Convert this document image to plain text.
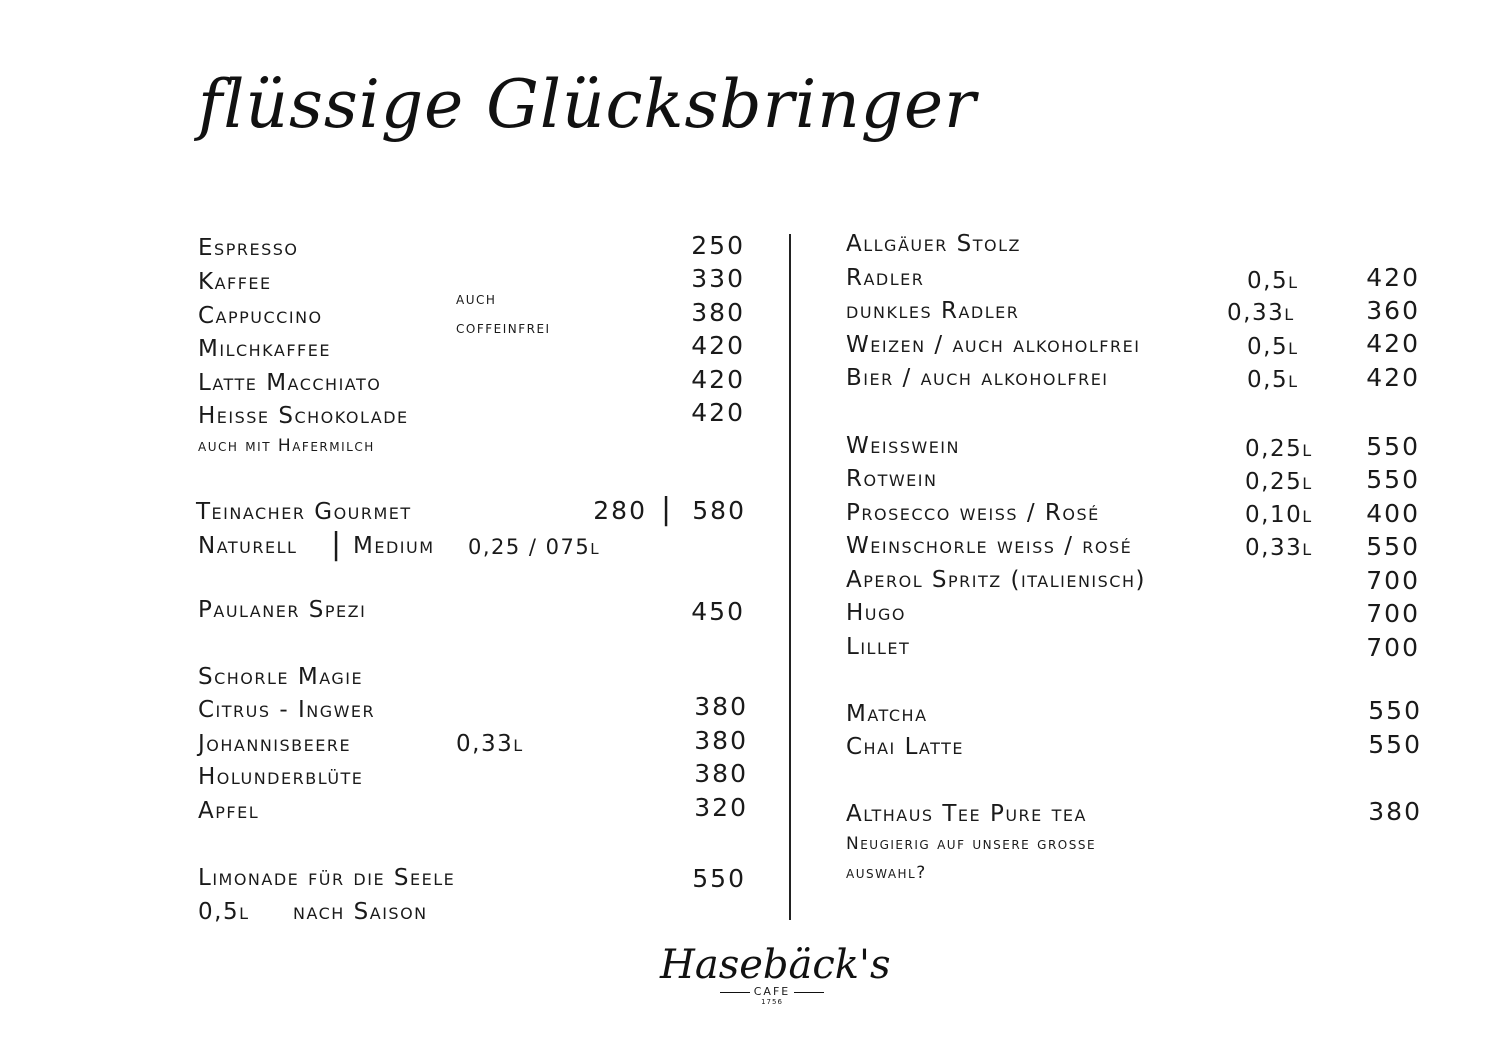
flüssige Glücksbringer
Espresso	250
Kaffee	330
auch
coffeinfrei
Cappuccino	380
Milchkaffee	420
Latte Macchiato	420
Heisse Schokolade	420
auch mit Hafermilch
Teinacher Gourmet	280 | 580
Naturell | Medium 0,25 / 075l
Paulaner Spezi	450
Schorle Magie
Citrus - Ingwer	380
Johannisbeere	0,33l	380
Holunderblüte	380
Apfel	320
Limonade für die Seele	550
0,5l nach Saison
Allgäuer Stolz
Radler	0,5l	420
dunkles Radler	0,33l	360
Weizen / auch alkoholfrei	0,5l	420
Bier / auch alkoholfrei	0,5l	420
Weisswein	0,25l 550
Rotwein	0,25l 550
Prosecco weiss / Rosé	0,10l 400
Weinschorle weiss / rosé	0,33l 550
Aperol Spritz (italienisch)	700
Hugo	700
Lillet	700
Matcha	550
Chai Latte	550
Althaus Tee Pure tea	380
Neugierig auf unsere grosse
auswahl?
Hasebäck's
CAFE
1756
